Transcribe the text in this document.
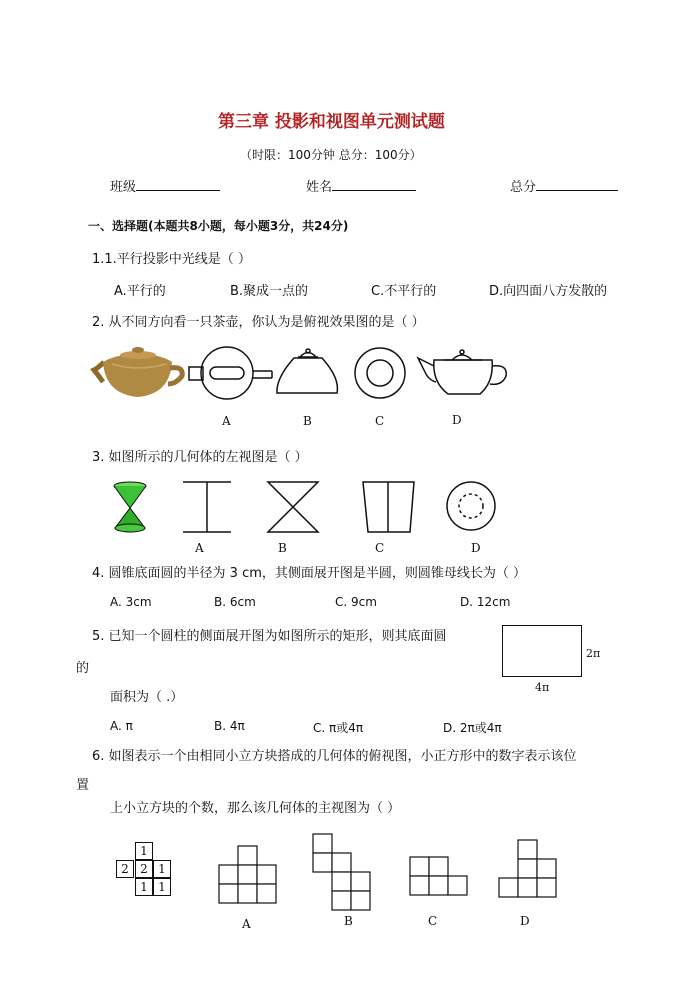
第三章 投影和视图单元测试题
（时限：100分钟 总分：100分）
班级	姓名	总分
一、选择题(本题共8小题，每小题3分，共24分)
1.1.平行投影中光线是（ ）
A.平行的	B.聚成一点的	C.不平行的	D.向四面八方发散的
2. 从不同方向看一只茶壶，你认为是俯视效果图的是（ ）
A	B	C	D
3. 如图所示的几何体的左视图是（ ）
A	B	C	D
4. 圆锥底面圆的半径为 3 cm，其侧面展开图是半圆，则圆锥母线长为（ ）
A. 3cm	B. 6cm	C. 9cm	D. 12cm
5. 已知一个圆柱的侧面展开图为如图所示的矩形，则其底面圆
的
面积为（ .）
2π
4π
A. π	B. 4π	C. π或4π	D. 2π或4π
6. 如图表示一个由相同小立方块搭成的几何体的俯视图，小正方形中的数字表示该位
置
上小立方块的个数，那么该几何体的主视图为（ ）
1
2 2 1
1 1
A	B	C	D
